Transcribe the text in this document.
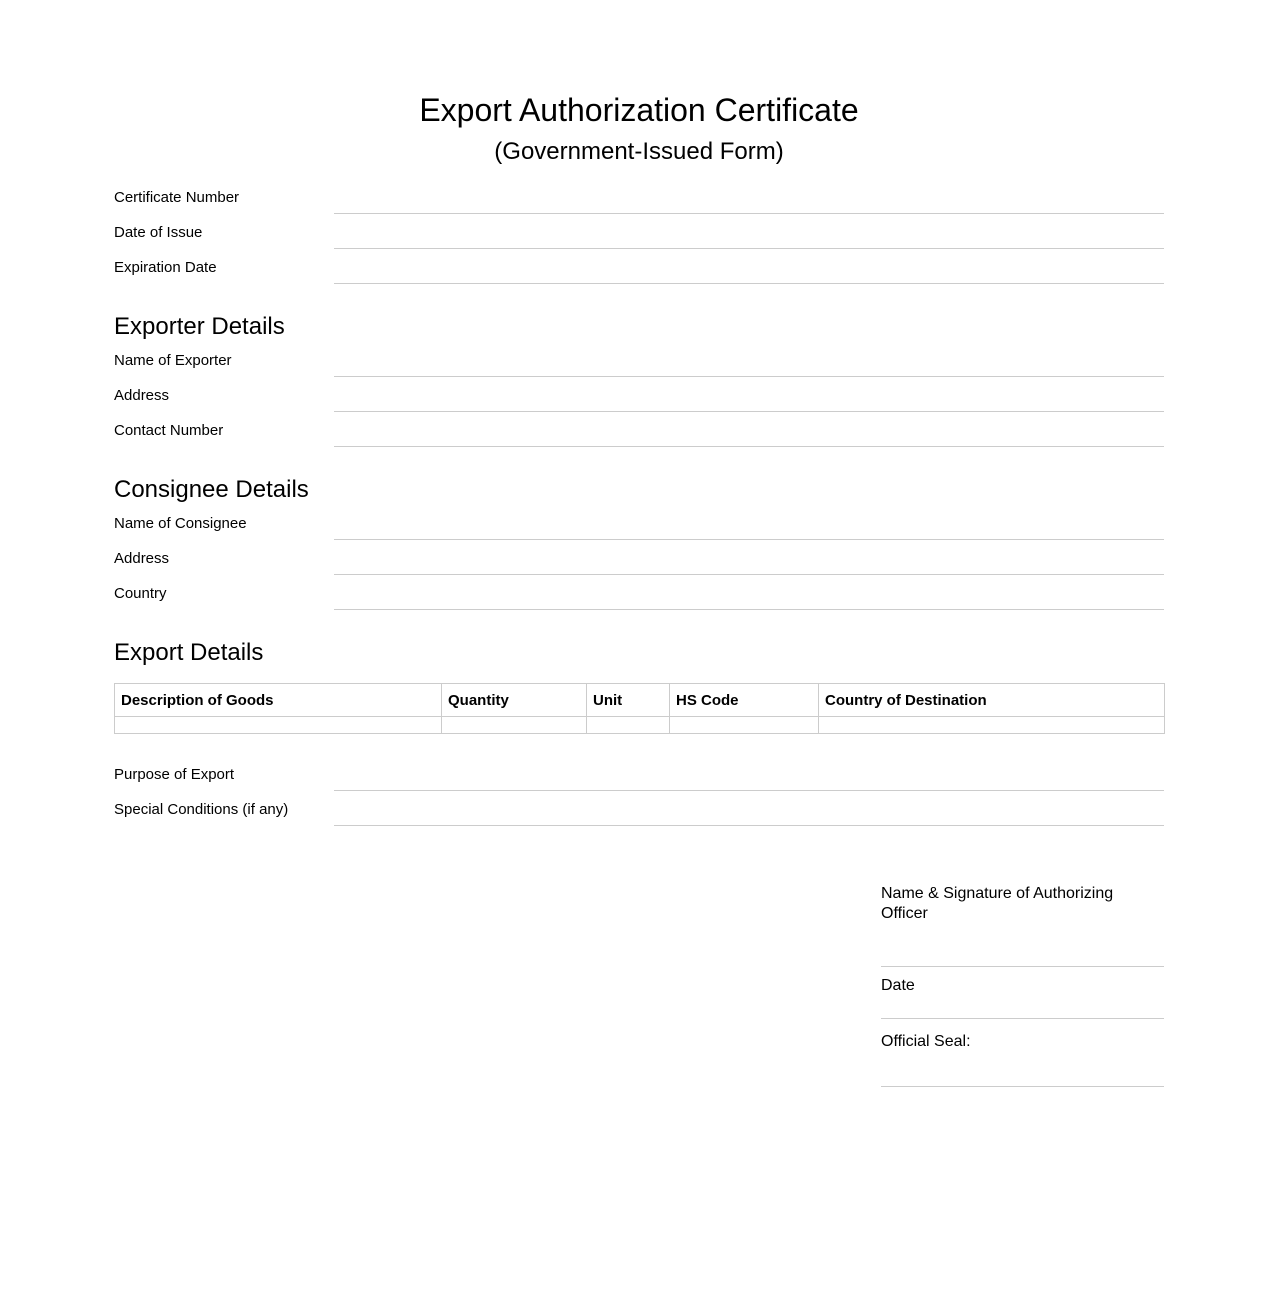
Export Authorization Certificate
(Government-Issued Form)
Certificate Number
Date of Issue
Expiration Date
Exporter Details
Name of Exporter
Address
Contact Number
Consignee Details
Name of Consignee
Address
Country
Export Details
Description of Goods	Quantity	Unit	HS Code	Country of Destination

Purpose of Export
Special Conditions (if any)
Name & Signature of Authorizing Officer
Date
Official Seal:
